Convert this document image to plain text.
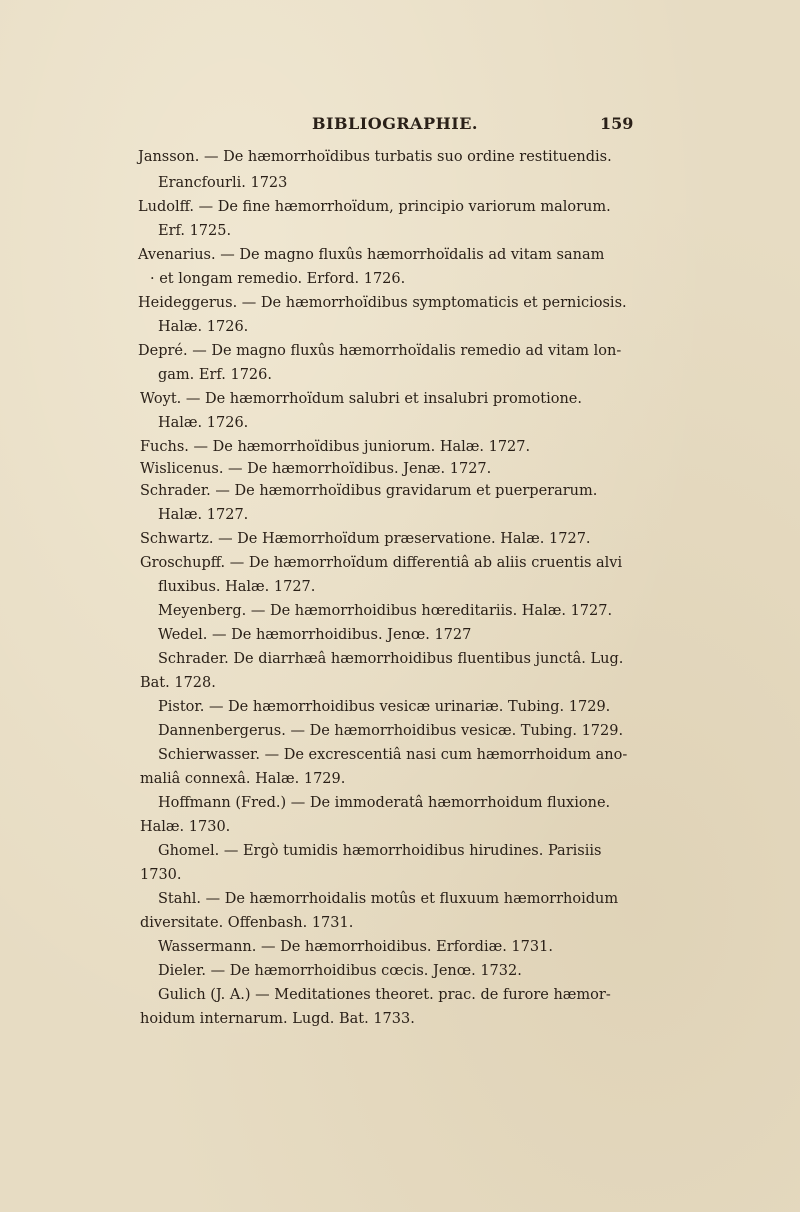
BIBLIOGRAPHIE.	159
Jansson. — De hæmorrhoïdibus turbatis suo ordine restituendis.
Erancfourli. 1723
Ludolff. — De fine hæmorrhoïdum, principio variorum malorum.
Erf. 1725.
Avenarius. — De magno fluxûs hæmorrhoïdalis ad vitam sanam
· et longam remedio. Erford. 1726.
Heideggerus. — De hæmorrhoïdibus symptomaticis et perniciosis.
Halæ. 1726.
Depré. — De magno fluxûs hæmorrhoïdalis remedio ad vitam lon-
gam. Erf. 1726.
Woyt. — De hæmorrhoïdum salubri et insalubri promotione.
Halæ. 1726.
Fuchs. — De hæmorrhoïdibus juniorum. Halæ. 1727.
Wislicenus. — De hæmorrhoïdibus. Jenæ. 1727.
Schrader. — De hæmorrhoïdibus gravidarum et puerperarum.
Halæ. 1727.
Schwartz. — De Hæmorrhoïdum præservatione. Halæ. 1727.
Groschupff. — De hæmorrhoïdum differentiâ ab aliis cruentis alvi
fluxibus. Halæ. 1727.
Meyenberg. — De hæmorrhoidibus hœreditariis. Halæ. 1727.
Wedel. — De hæmorrhoidibus. Jenœ. 1727
Schrader. De diarrhæâ hæmorrhoidibus fluentibus junctâ. Lug.
Bat. 1728.
Pistor. — De hæmorrhoidibus vesicæ urinariæ. Tubing. 1729.
Dannenbergerus. — De hæmorrhoidibus vesicæ. Tubing. 1729.
Schierwasser. — De excrescentiâ nasi cum hæmorrhoidum ano-
maliâ connexâ. Halæ. 1729.
Hoffmann (Fred.) — De immoderatâ hæmorrhoidum fluxione.
Halæ. 1730.
Ghomel. — Ergò tumidis hæmorrhoidibus hirudines. Parisiis
1730.
Stahl. — De hæmorrhoidalis motûs et fluxuum hæmorrhoidum
diversitate. Offenbash. 1731.
Wassermann. — De hæmorrhoidibus. Erfordiæ. 1731.
Dieler. — De hæmorrhoidibus cœcis. Jenœ. 1732.
Gulich (J. A.) — Meditationes theoret. prac. de furore hæmor-
hoidum internarum. Lugd. Bat. 1733.
